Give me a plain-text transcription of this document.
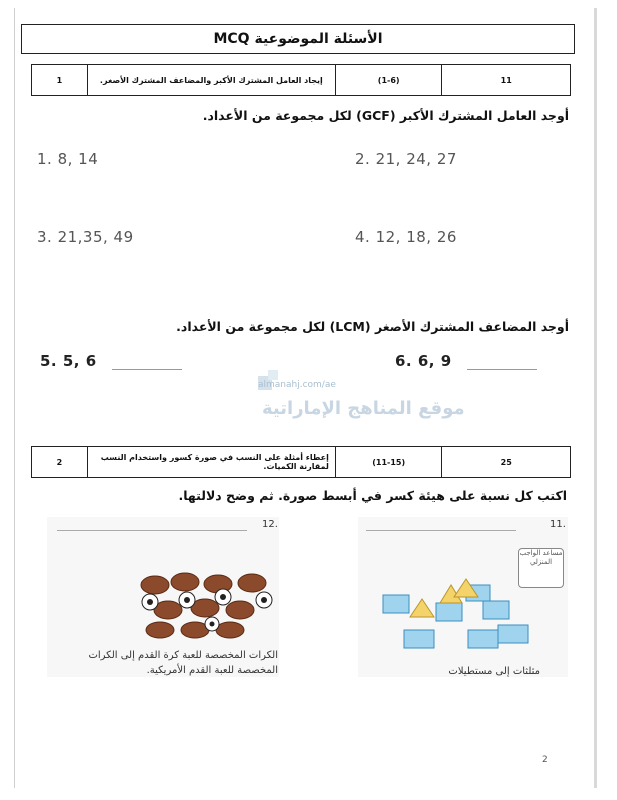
الأسئلة الموضوعية MCQ
1	إيجاد العامل المشترك الأكبر والمضاعف المشترك الأصغر.	(1-6)	11
أوجد العامل المشترك الأكبر (GCF) لكل مجموعة من الأعداد.
1. 8, 14	2. 21, 24, 27
3. 21,35, 49	4. 12, 18, 26
أوجد المضاعف المشترك الأصغر (LCM) لكل مجموعة من الأعداد.
5. 5, 6	6. 6, 9
almanahj.com/ae
موقع المناهج الإماراتية
2	إعطاء أمثلة على النسب في صورة كسور واستخدام النسب لمقارنة الكميات.	(11-15)	25
اكتب كل نسبة على هيئة كسر في أبسط صورة. ثم وضح دلالتها.
12.
الكرات المخصصة للعبة كرة القدم إلى الكرات المخصصة للعبة القدم الأمريكية.
11.
مساعد الواجب المنزلي
مثلثات إلى مستطيلات
2
